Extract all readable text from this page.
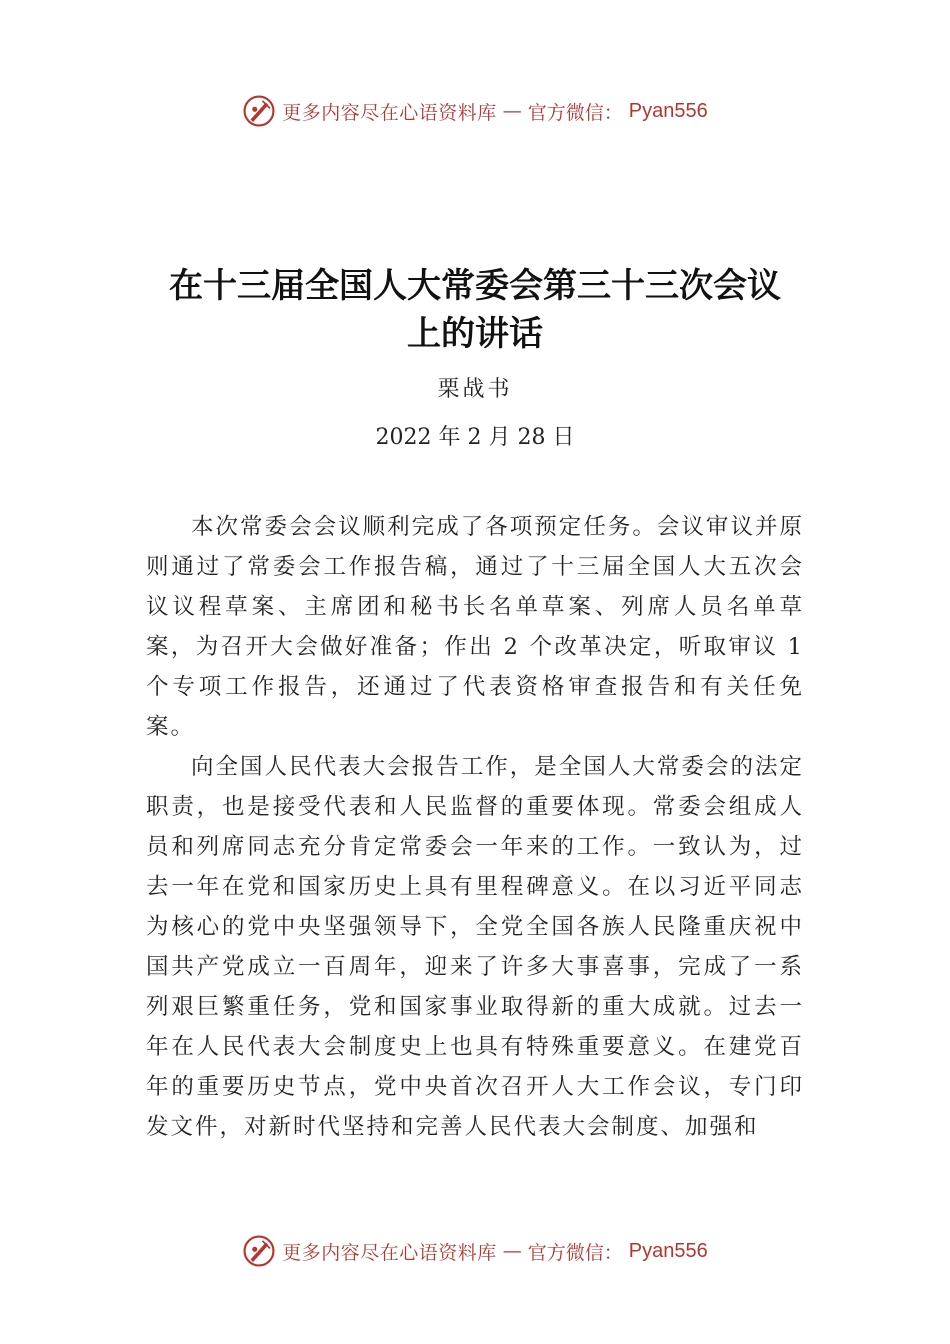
更多内容尽在心语资料库 — 官方微信： Pyan556
在十三届全国人大常委会第三十三次会议
上的讲话
栗战书
2022 年 2 月 28 日

本次常委会会议顺利完成了各项预定任务。会议审议并原则通过了常委会工作报告稿，通过了十三届全国人大五次会议议程草案、主席团和秘书长名单草案、列席人员名单草案，为召开大会做好准备；作出 2 个改革决定，听取审议 1 个专项工作报告，还通过了代表资格审查报告和有关任免案。

向全国人民代表大会报告工作，是全国人大常委会的法定职责，也是接受代表和人民监督的重要体现。常委会组成人员和列席同志充分肯定常委会一年来的工作。一致认为，过去一年在党和国家历史上具有里程碑意义。在以习近平同志为核心的党中央坚强领导下，全党全国各族人民隆重庆祝中国共产党成立一百周年，迎来了许多大事喜事，完成了一系列艰巨繁重任务，党和国家事业取得新的重大成就。过去一年在人民代表大会制度史上也具有特殊重要意义。在建党百年的重要历史节点，党中央首次召开人大工作会议，专门印发文件，对新时代坚持和完善人民代表大会制度、加强和

更多内容尽在心语资料库 — 官方微信： Pyan556
